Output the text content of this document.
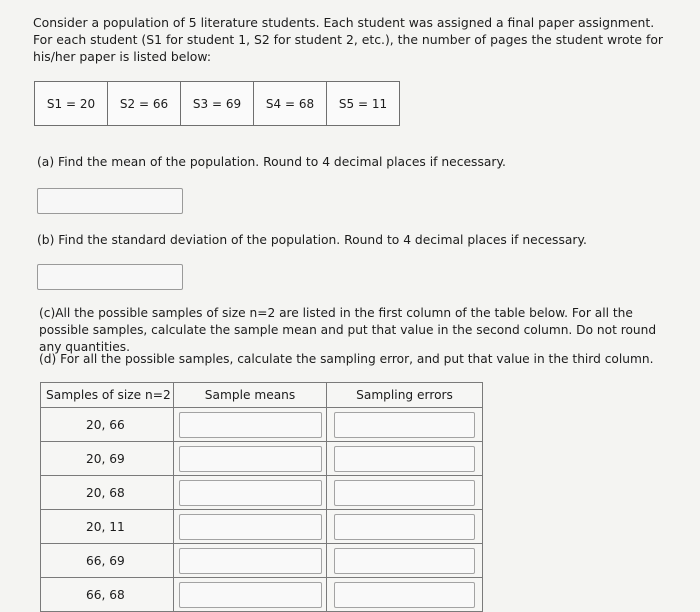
Consider a population of 5 literature students. Each student was assigned a final paper assignment. For each student (S1 for student 1, S2 for student 2, etc.), the number of pages the student wrote for his/her paper is listed below:
S1 = 20	S2 = 66	S3 = 69	S4 = 68	S5 = 11
(a) Find the mean of the population. Round to 4 decimal places if necessary.
(b) Find the standard deviation of the population. Round to 4 decimal places if necessary.
(c)All the possible samples of size n=2 are listed in the first column of the table below. For all the possible samples, calculate the sample mean and put that value in the second column. Do not round any quantities.
(d) For all the possible samples, calculate the sampling error, and put that value in the third column.
Samples of size n=2	Sample means	Sampling errors
20, 66	

20, 69	

20, 68	

20, 11	

66, 69	

66, 68	
